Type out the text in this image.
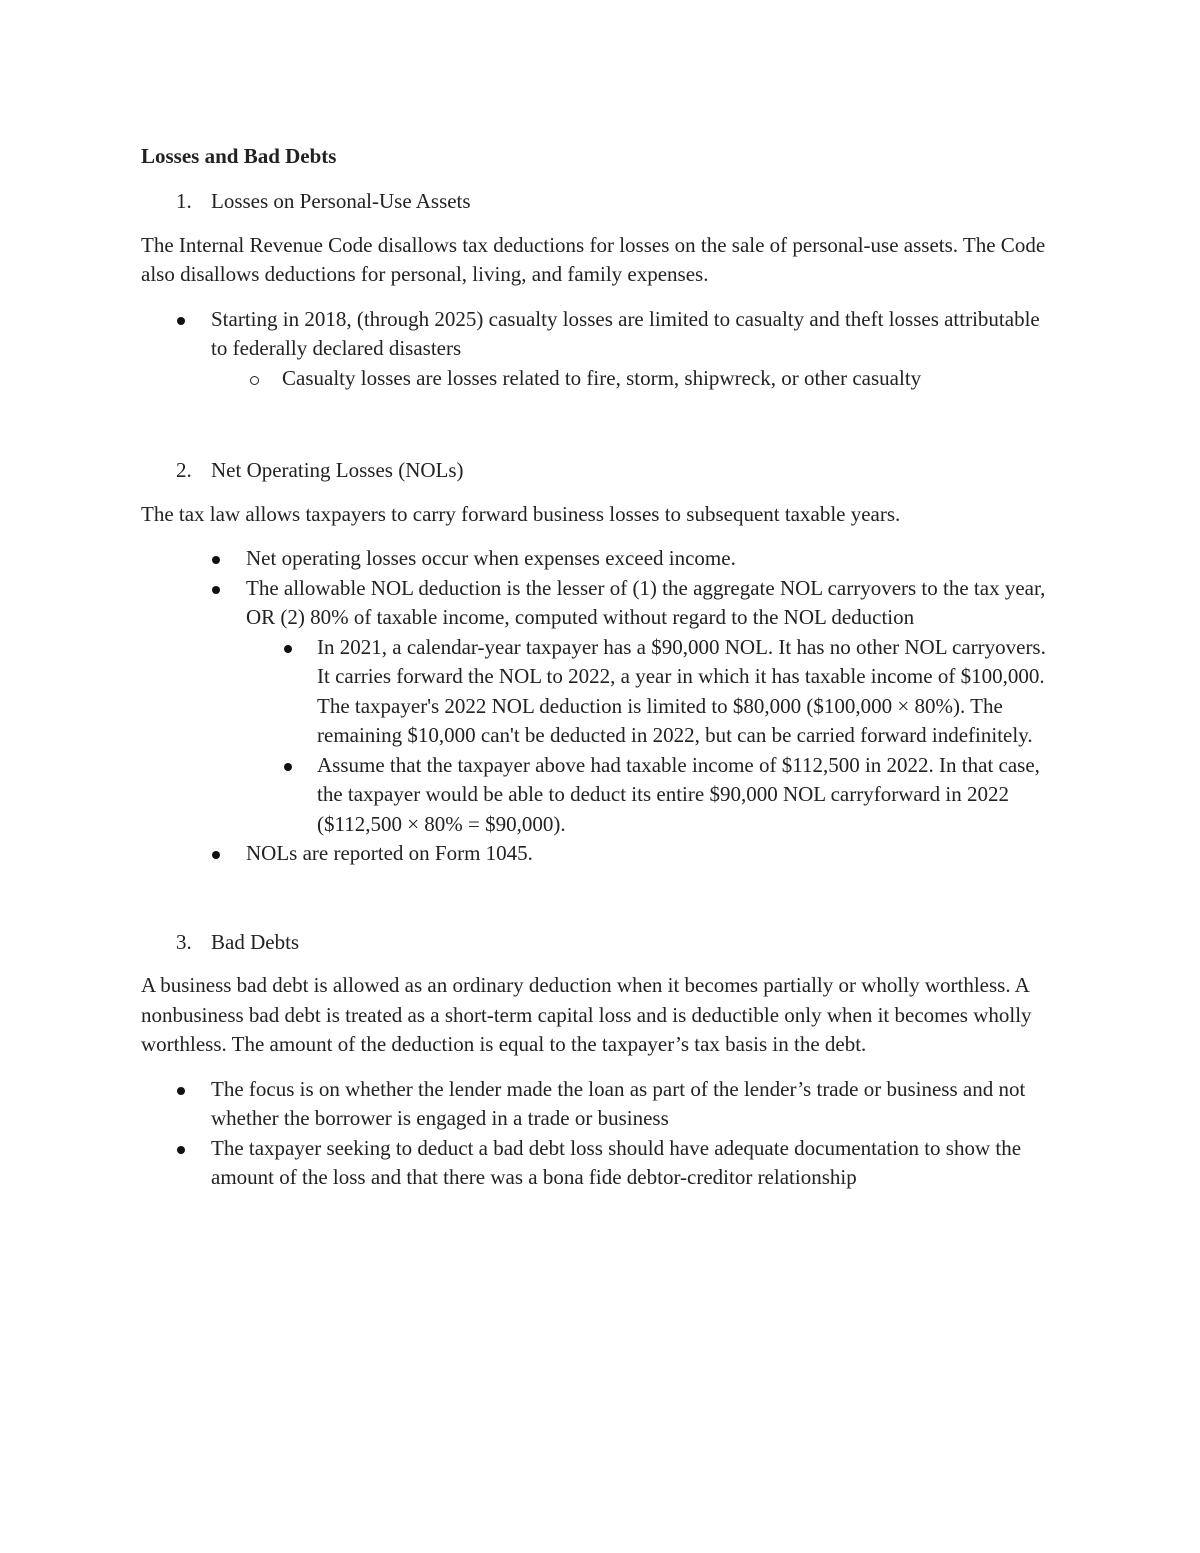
Losses and Bad Debts
1. Losses on Personal-Use Assets
The Internal Revenue Code disallows tax deductions for losses on the sale of personal-use assets. The Code also disallows deductions for personal, living, and family expenses.
Starting in 2018, (through 2025) casualty losses are limited to casualty and theft losses attributable to federally declared disasters
Casualty losses are losses related to fire, storm, shipwreck, or other casualty
2. Net Operating Losses (NOLs)
The tax law allows taxpayers to carry forward business losses to subsequent taxable years.
Net operating losses occur when expenses exceed income.
The allowable NOL deduction is the lesser of (1) the aggregate NOL carryovers to the tax year, OR (2) 80% of taxable income, computed without regard to the NOL deduction
In 2021, a calendar-year taxpayer has a $90,000 NOL. It has no other NOL carryovers. It carries forward the NOL to 2022, a year in which it has taxable income of $100,000. The taxpayer's 2022 NOL deduction is limited to $80,000 ($100,000 × 80%). The remaining $10,000 can't be deducted in 2022, but can be carried forward indefinitely.
Assume that the taxpayer above had taxable income of $112,500 in 2022. In that case, the taxpayer would be able to deduct its entire $90,000 NOL carryforward in 2022 ($112,500 × 80% = $90,000).
NOLs are reported on Form 1045.
3. Bad Debts
A business bad debt is allowed as an ordinary deduction when it becomes partially or wholly worthless. A nonbusiness bad debt is treated as a short-term capital loss and is deductible only when it becomes wholly worthless. The amount of the deduction is equal to the taxpayer’s tax basis in the debt.
The focus is on whether the lender made the loan as part of the lender’s trade or business and not whether the borrower is engaged in a trade or business
The taxpayer seeking to deduct a bad debt loss should have adequate documentation to show the amount of the loss and that there was a bona fide debtor-creditor relationship
